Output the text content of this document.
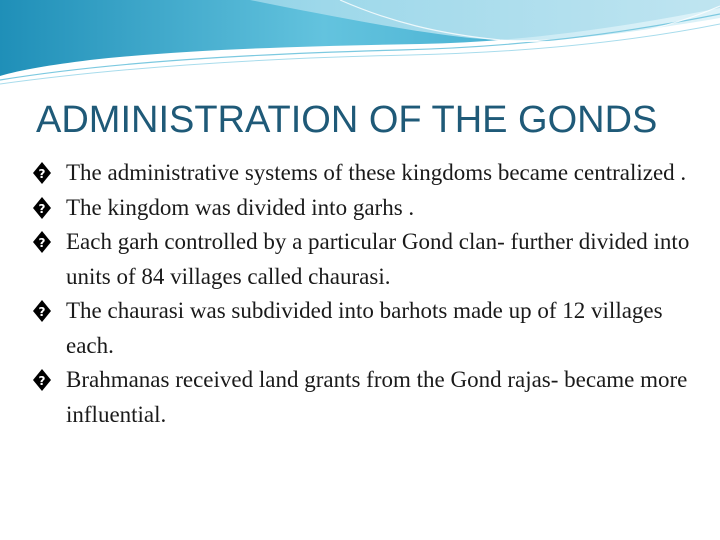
ADMINISTRATION OF THE GONDS
? The administrative systems of these kingdoms became centralized .
? The kingdom was divided into garhs .
? Each garh controlled by a particular Gond clan- further divided into units of 84 villages called chaurasi.
? The chaurasi was subdivided into barhots made up of 12 villages each.
? Brahmanas received land grants from the Gond rajas- became more influential.
